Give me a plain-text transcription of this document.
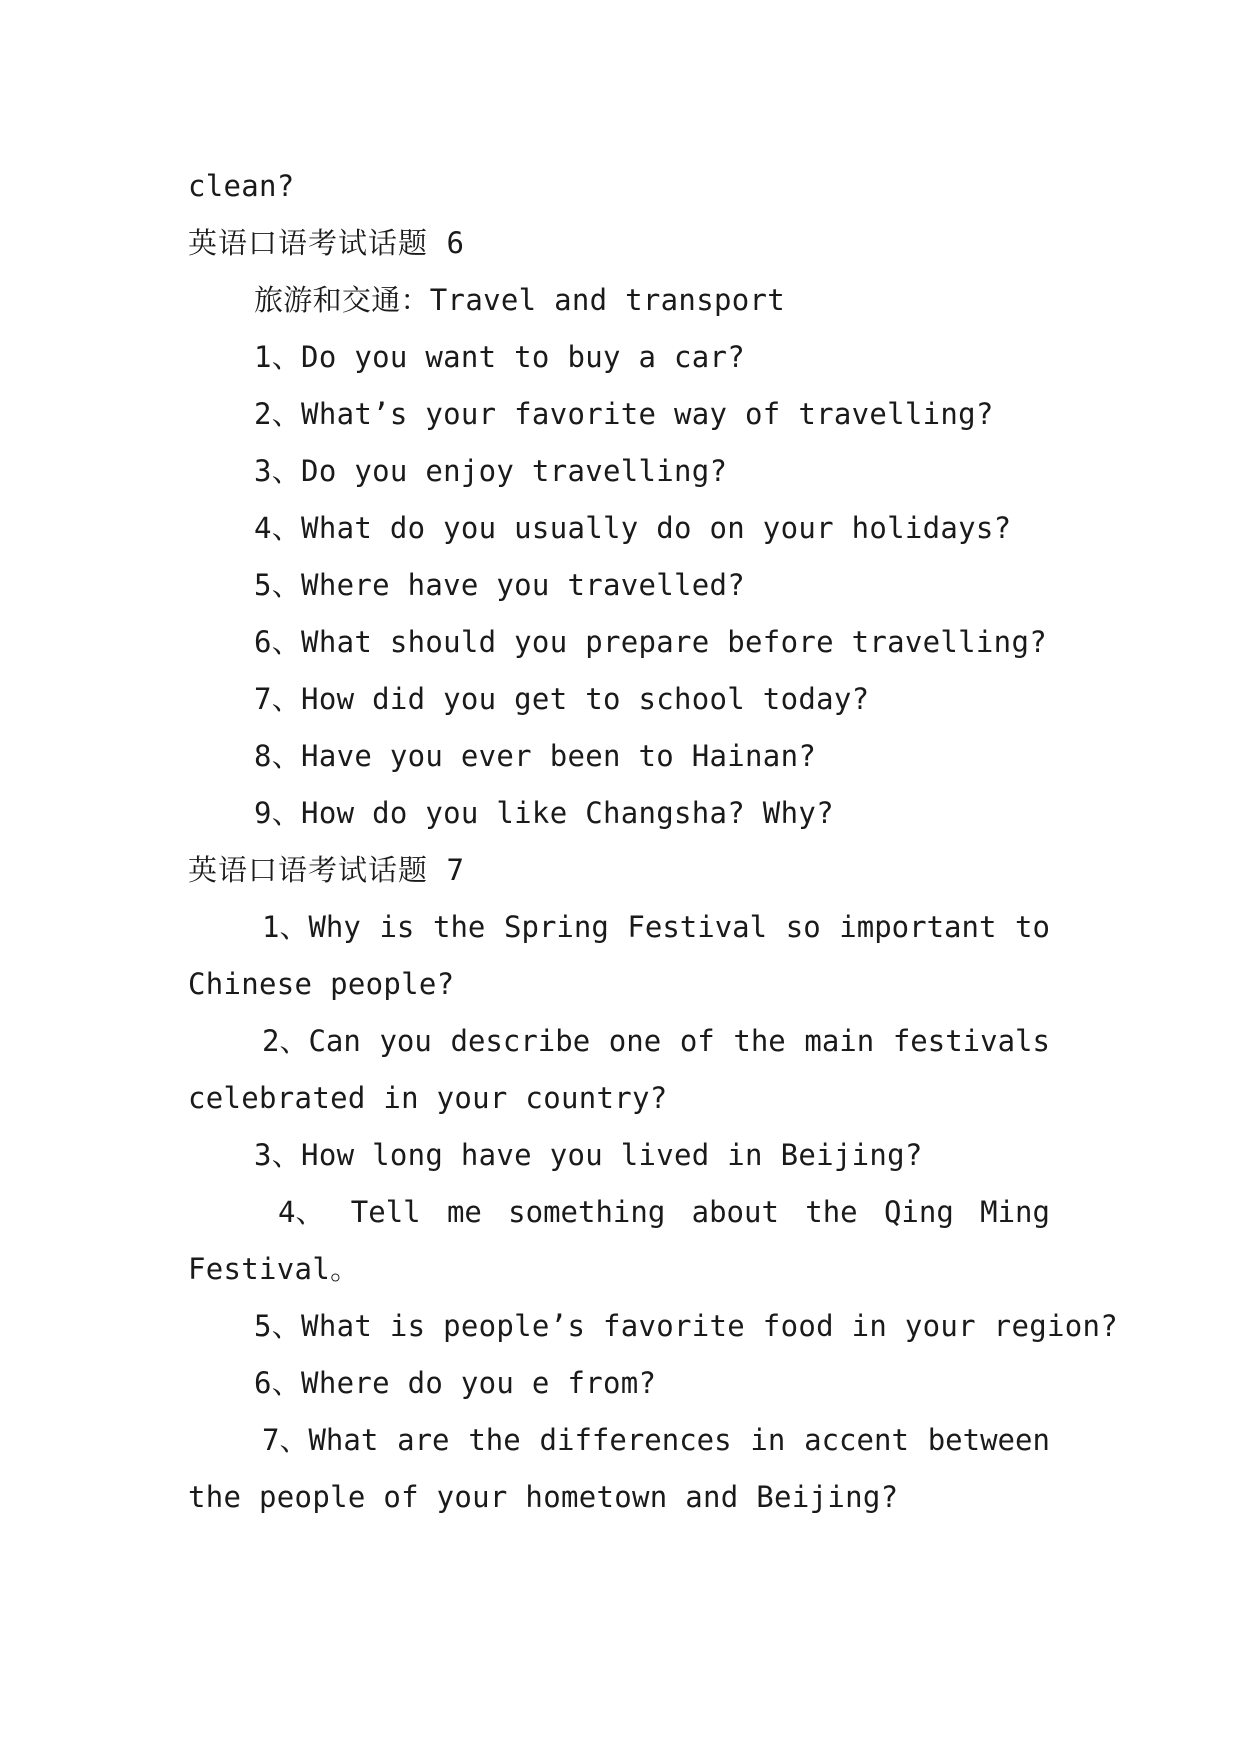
clean?
英语口语考试话题 6
旅游和交通：Travel and transport
1、Do you want to buy a car?
2、What’s your favorite way of travelling?
3、Do you enjoy travelling?
4、What do you usually do on your holidays?
5、Where have you travelled?
6、What should you prepare before travelling?
7、How did you get to school today?
8、Have you ever been to Hainan?
9、How do you like Changsha? Why?
英语口语考试话题 7
1、Why is the Spring Festival so important to
Chinese people?
2、Can you describe one of the main festivals
celebrated in your country?
3、How long have you lived in Beijing?
4、 Tell me something about the Qing Ming
Festival。
5、What is people’s favorite food in your region?
6、Where do you e from?
7、What are the differences in accent between
the people of your hometown and Beijing?
